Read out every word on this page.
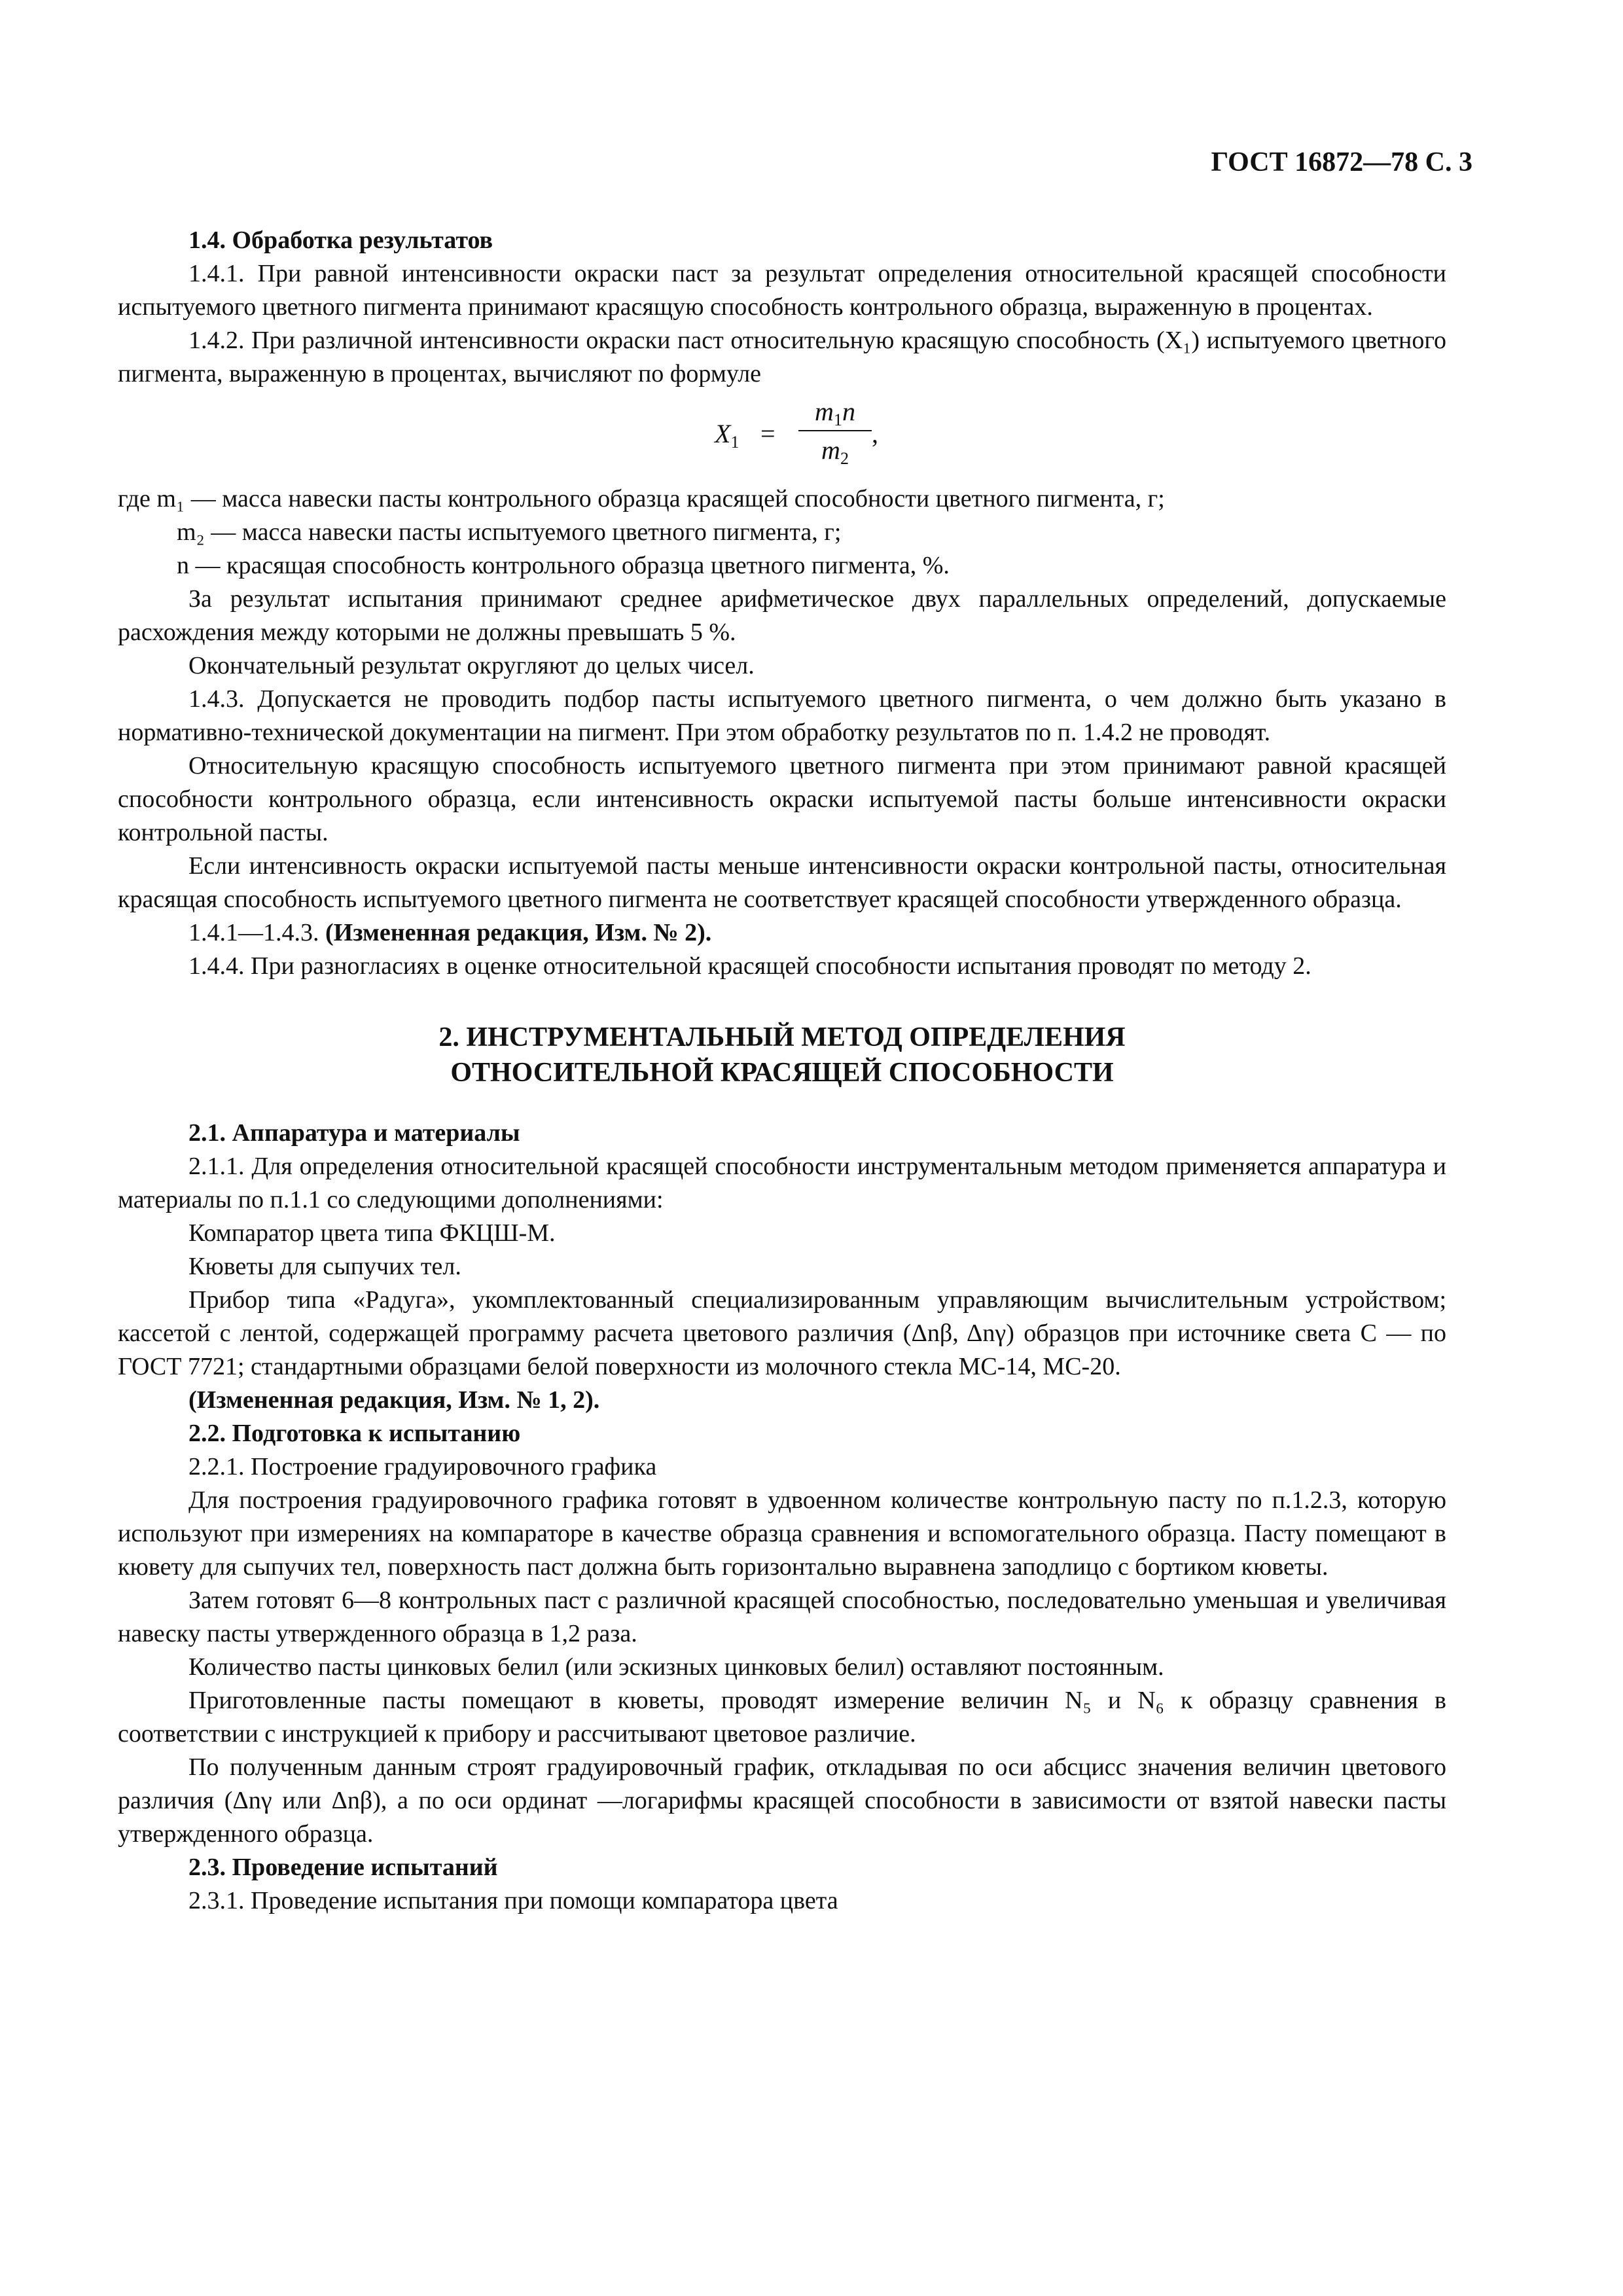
ГОСТ 16872—78 С. 3

1.4. Обработка результатов

1.4.1. При равной интенсивности окраски паст за результат определения относительной красящей способности испытуемого цветного пигмента принимают красящую способность контрольного образца, выраженную в процентах.

1.4.2. При различной интенсивности окраски паст относительную красящую способность (X₁) испытуемого цветного пигмента, выраженную в процентах, вычисляют по формуле

$X_1 = \frac{m_1n}{m_2}$ ,

где m₁ — масса навески пасты контрольного образца красящей способности цветного пигмента, г;

m₂ — масса навески пасты испытуемого цветного пигмента, г;

n — красящая способность контрольного образца цветного пигмента, %.

За результат испытания принимают среднее арифметическое двух параллельных определений, допускаемые расхождения между которыми не должны превышать 5 %.

Окончательный результат округляют до целых чисел.

1.4.3. Допускается не проводить подбор пасты испытуемого цветного пигмента, о чем должно быть указано в нормативно-технической документации на пигмент. При этом обработку результатов по п. 1.4.2 не проводят.

Относительную красящую способность испытуемого цветного пигмента при этом принимают равной красящей способности контрольного образца, если интенсивность окраски испытуемой пасты больше интенсивности окраски контрольной пасты.

Если интенсивность окраски испытуемой пасты меньше интенсивности окраски контрольной пасты, относительная красящая способность испытуемого цветного пигмента не соответствует красящей способности утвержденного образца.

1.4.1—1.4.3. (Измененная редакция, Изм. № 2).

1.4.4. При разногласиях в оценке относительной красящей способности испытания проводят по методу 2.

2. ИНСТРУМЕНТАЛЬНЫЙ МЕТОД ОПРЕДЕЛЕНИЯ
ОТНОСИТЕЛЬНОЙ КРАСЯЩЕЙ СПОСОБНОСТИ

2.1. Аппаратура и материалы

2.1.1. Для определения относительной красящей способности инструментальным методом применяется аппаратура и материалы по п.1.1 со следующими дополнениями:

Компаратор цвета типа ФКЦШ-М.

Кюветы для сыпучих тел.

Прибор типа «Радуга», укомплектованный специализированным управляющим вычислительным устройством; кассетой с лентой, содержащей программу расчета цветового различия (Δnβ, Δnγ) образцов при источнике света C — по ГОСТ 7721; стандартными образцами белой поверхности из молочного стекла МС-14, МС-20.

(Измененная редакция, Изм. № 1, 2).

2.2. Подготовка к испытанию

2.2.1. Построение градуировочного графика

Для построения градуировочного графика готовят в удвоенном количестве контрольную пасту по п.1.2.3, которую используют при измерениях на компараторе в качестве образца сравнения и вспомогательного образца. Пасту помещают в кювету для сыпучих тел, поверхность паст должна быть горизонтально выравнена заподлицо с бортиком кюветы.

Затем готовят 6—8 контрольных паст с различной красящей способностью, последовательно уменьшая и увеличивая навеску пасты утвержденного образца в 1,2 раза.

Количество пасты цинковых белил (или эскизных цинковых белил) оставляют постоянным.

Приготовленные пасты помещают в кюветы, проводят измерение величин N₅ и N₆ к образцу сравнения в соответствии с инструкцией к прибору и рассчитывают цветовое различие.

По полученным данным строят градуировочный график, откладывая по оси абсцисс значения величин цветового различия (Δnγ или Δnβ), а по оси ординат —логарифмы красящей способности в зависимости от взятой навески пасты утвержденного образца.

2.3. Проведение испытаний

2.3.1. Проведение испытания при помощи компаратора цвета
